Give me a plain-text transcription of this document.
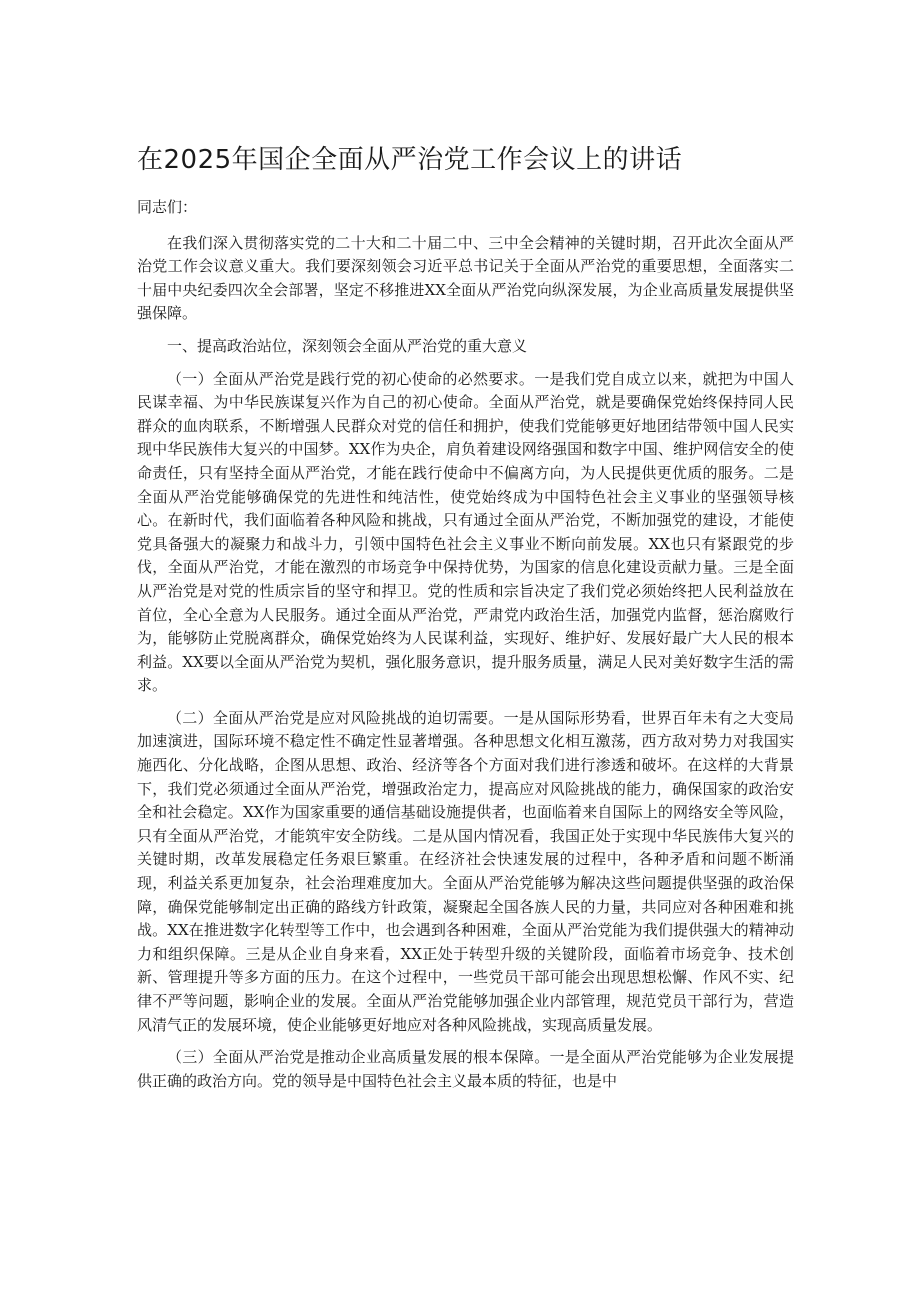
在2025年国企全面从严治党工作会议上的讲话

同志们：

在我们深入贯彻落实党的二十大和二十届二中、三中全会精神的关键时期，召开此次全面从严治党工作会议意义重大。我们要深刻领会习近平总书记关于全面从严治党的重要思想，全面落实二十届中央纪委四次全会部署，坚定不移推进XX全面从严治党向纵深发展，为企业高质量发展提供坚强保障。

一、提高政治站位，深刻领会全面从严治党的重大意义

（一）全面从严治党是践行党的初心使命的必然要求。一是我们党自成立以来，就把为中国人民谋幸福、为中华民族谋复兴作为自己的初心使命。全面从严治党，就是要确保党始终保持同人民群众的血肉联系，不断增强人民群众对党的信任和拥护，使我们党能够更好地团结带领中国人民实现中华民族伟大复兴的中国梦。XX作为央企，肩负着建设网络强国和数字中国、维护网信安全的使命责任，只有坚持全面从严治党，才能在践行使命中不偏离方向，为人民提供更优质的服务。二是全面从严治党能够确保党的先进性和纯洁性，使党始终成为中国特色社会主义事业的坚强领导核心。在新时代，我们面临着各种风险和挑战，只有通过全面从严治党，不断加强党的建设，才能使党具备强大的凝聚力和战斗力，引领中国特色社会主义事业不断向前发展。XX也只有紧跟党的步伐，全面从严治党，才能在激烈的市场竞争中保持优势，为国家的信息化建设贡献力量。三是全面从严治党是对党的性质宗旨的坚守和捍卫。党的性质和宗旨决定了我们党必须始终把人民利益放在首位，全心全意为人民服务。通过全面从严治党，严肃党内政治生活，加强党内监督，惩治腐败行为，能够防止党脱离群众，确保党始终为人民谋利益，实现好、维护好、发展好最广大人民的根本利益。XX要以全面从严治党为契机，强化服务意识，提升服务质量，满足人民对美好数字生活的需求。

（二）全面从严治党是应对风险挑战的迫切需要。一是从国际形势看，世界百年未有之大变局加速演进，国际环境不稳定性不确定性显著增强。各种思想文化相互激荡，西方敌对势力对我国实施西化、分化战略，企图从思想、政治、经济等各个方面对我们进行渗透和破坏。在这样的大背景下，我们党必须通过全面从严治党，增强政治定力，提高应对风险挑战的能力，确保国家的政治安全和社会稳定。XX作为国家重要的通信基础设施提供者，也面临着来自国际上的网络安全等风险，只有全面从严治党，才能筑牢安全防线。二是从国内情况看，我国正处于实现中华民族伟大复兴的关键时期，改革发展稳定任务艰巨繁重。在经济社会快速发展的过程中，各种矛盾和问题不断涌现，利益关系更加复杂，社会治理难度加大。全面从严治党能够为解决这些问题提供坚强的政治保障，确保党能够制定出正确的路线方针政策，凝聚起全国各族人民的力量，共同应对各种困难和挑战。XX在推进数字化转型等工作中，也会遇到各种困难，全面从严治党能为我们提供强大的精神动力和组织保障。三是从企业自身来看，XX正处于转型升级的关键阶段，面临着市场竞争、技术创新、管理提升等多方面的压力。在这个过程中，一些党员干部可能会出现思想松懈、作风不实、纪律不严等问题，影响企业的发展。全面从严治党能够加强企业内部管理，规范党员干部行为，营造风清气正的发展环境，使企业能够更好地应对各种风险挑战，实现高质量发展。

（三）全面从严治党是推动企业高质量发展的根本保障。一是全面从严治党能够为企业发展提供正确的政治方向。党的领导是中国特色社会主义最本质的特征，也是中
